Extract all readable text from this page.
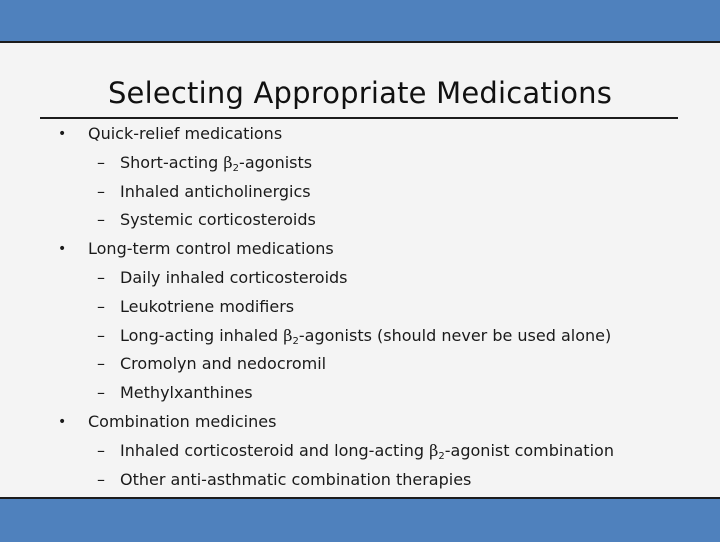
Selecting Appropriate Medications
• Quick-relief medications
– Short-acting $\beta_2$-agonists
– Inhaled anticholinergics
– Systemic corticosteroids
• Long-term control medications
– Daily inhaled corticosteroids
– Leukotriene modifiers
– Long-acting inhaled $\beta_2$-agonists (should never be used alone)
– Cromolyn and nedocromil
– Methylxanthines
• Combination medicines
– Inhaled corticosteroid and long-acting $\beta_2$-agonist combination
– Other anti-asthmatic combination therapies
